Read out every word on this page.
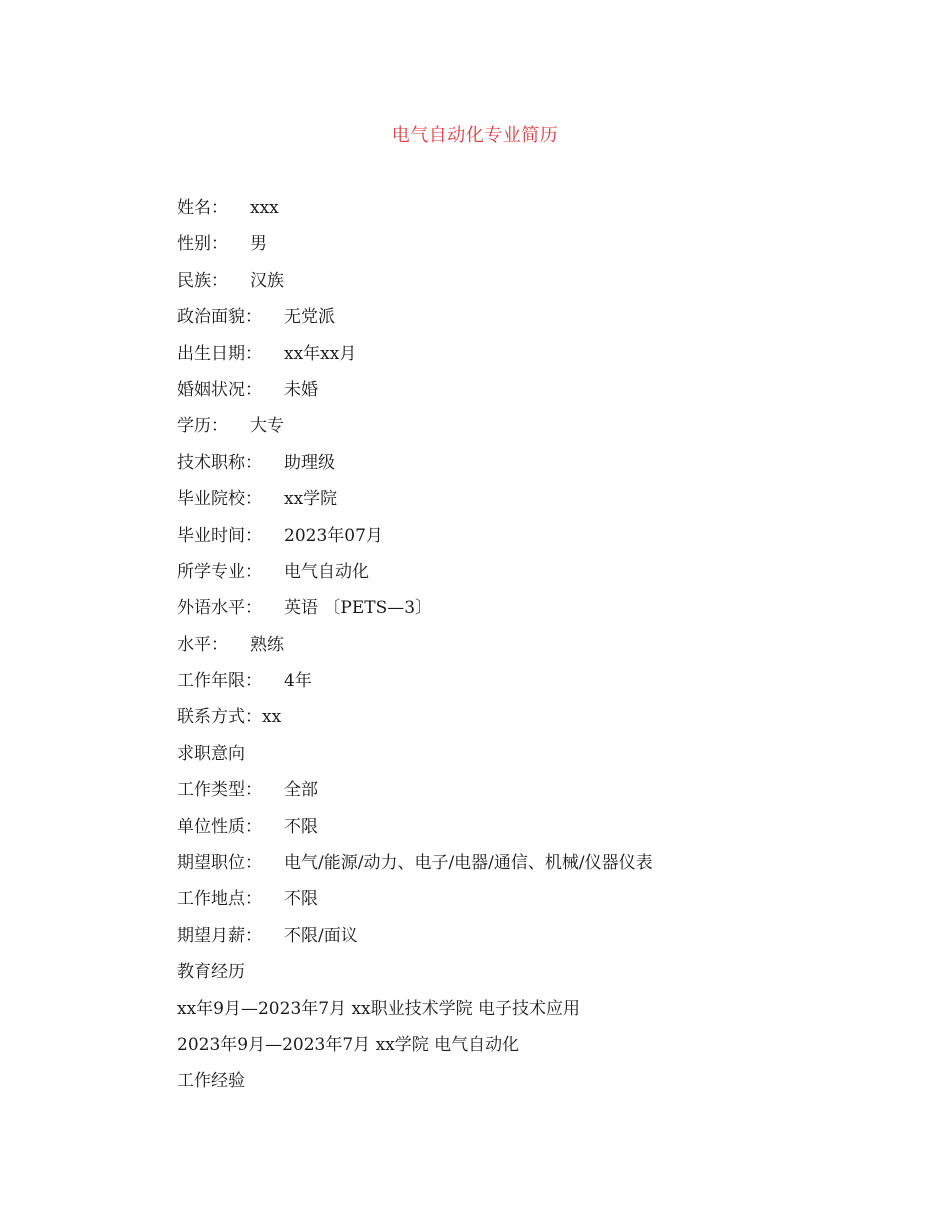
电气自动化专业简历
姓名： xxx
性别： 男
民族： 汉族
政治面貌： 无党派
出生日期： xx年xx月
婚姻状况： 未婚
学历： 大专
技术职称： 助理级
毕业院校： xx学院
毕业时间： 2023年07月
所学专业： 电气自动化
外语水平： 英语 〔PETS—3〕
水平： 熟练
工作年限： 4年
联系方式：xx
求职意向
工作类型： 全部
单位性质： 不限
期望职位： 电气/能源/动力、电子/电器/通信、机械/仪器仪表
工作地点： 不限
期望月薪： 不限/面议
教育经历
xx年9月—2023年7月 xx职业技术学院 电子技术应用
2023年9月—2023年7月 xx学院 电气自动化
工作经验
